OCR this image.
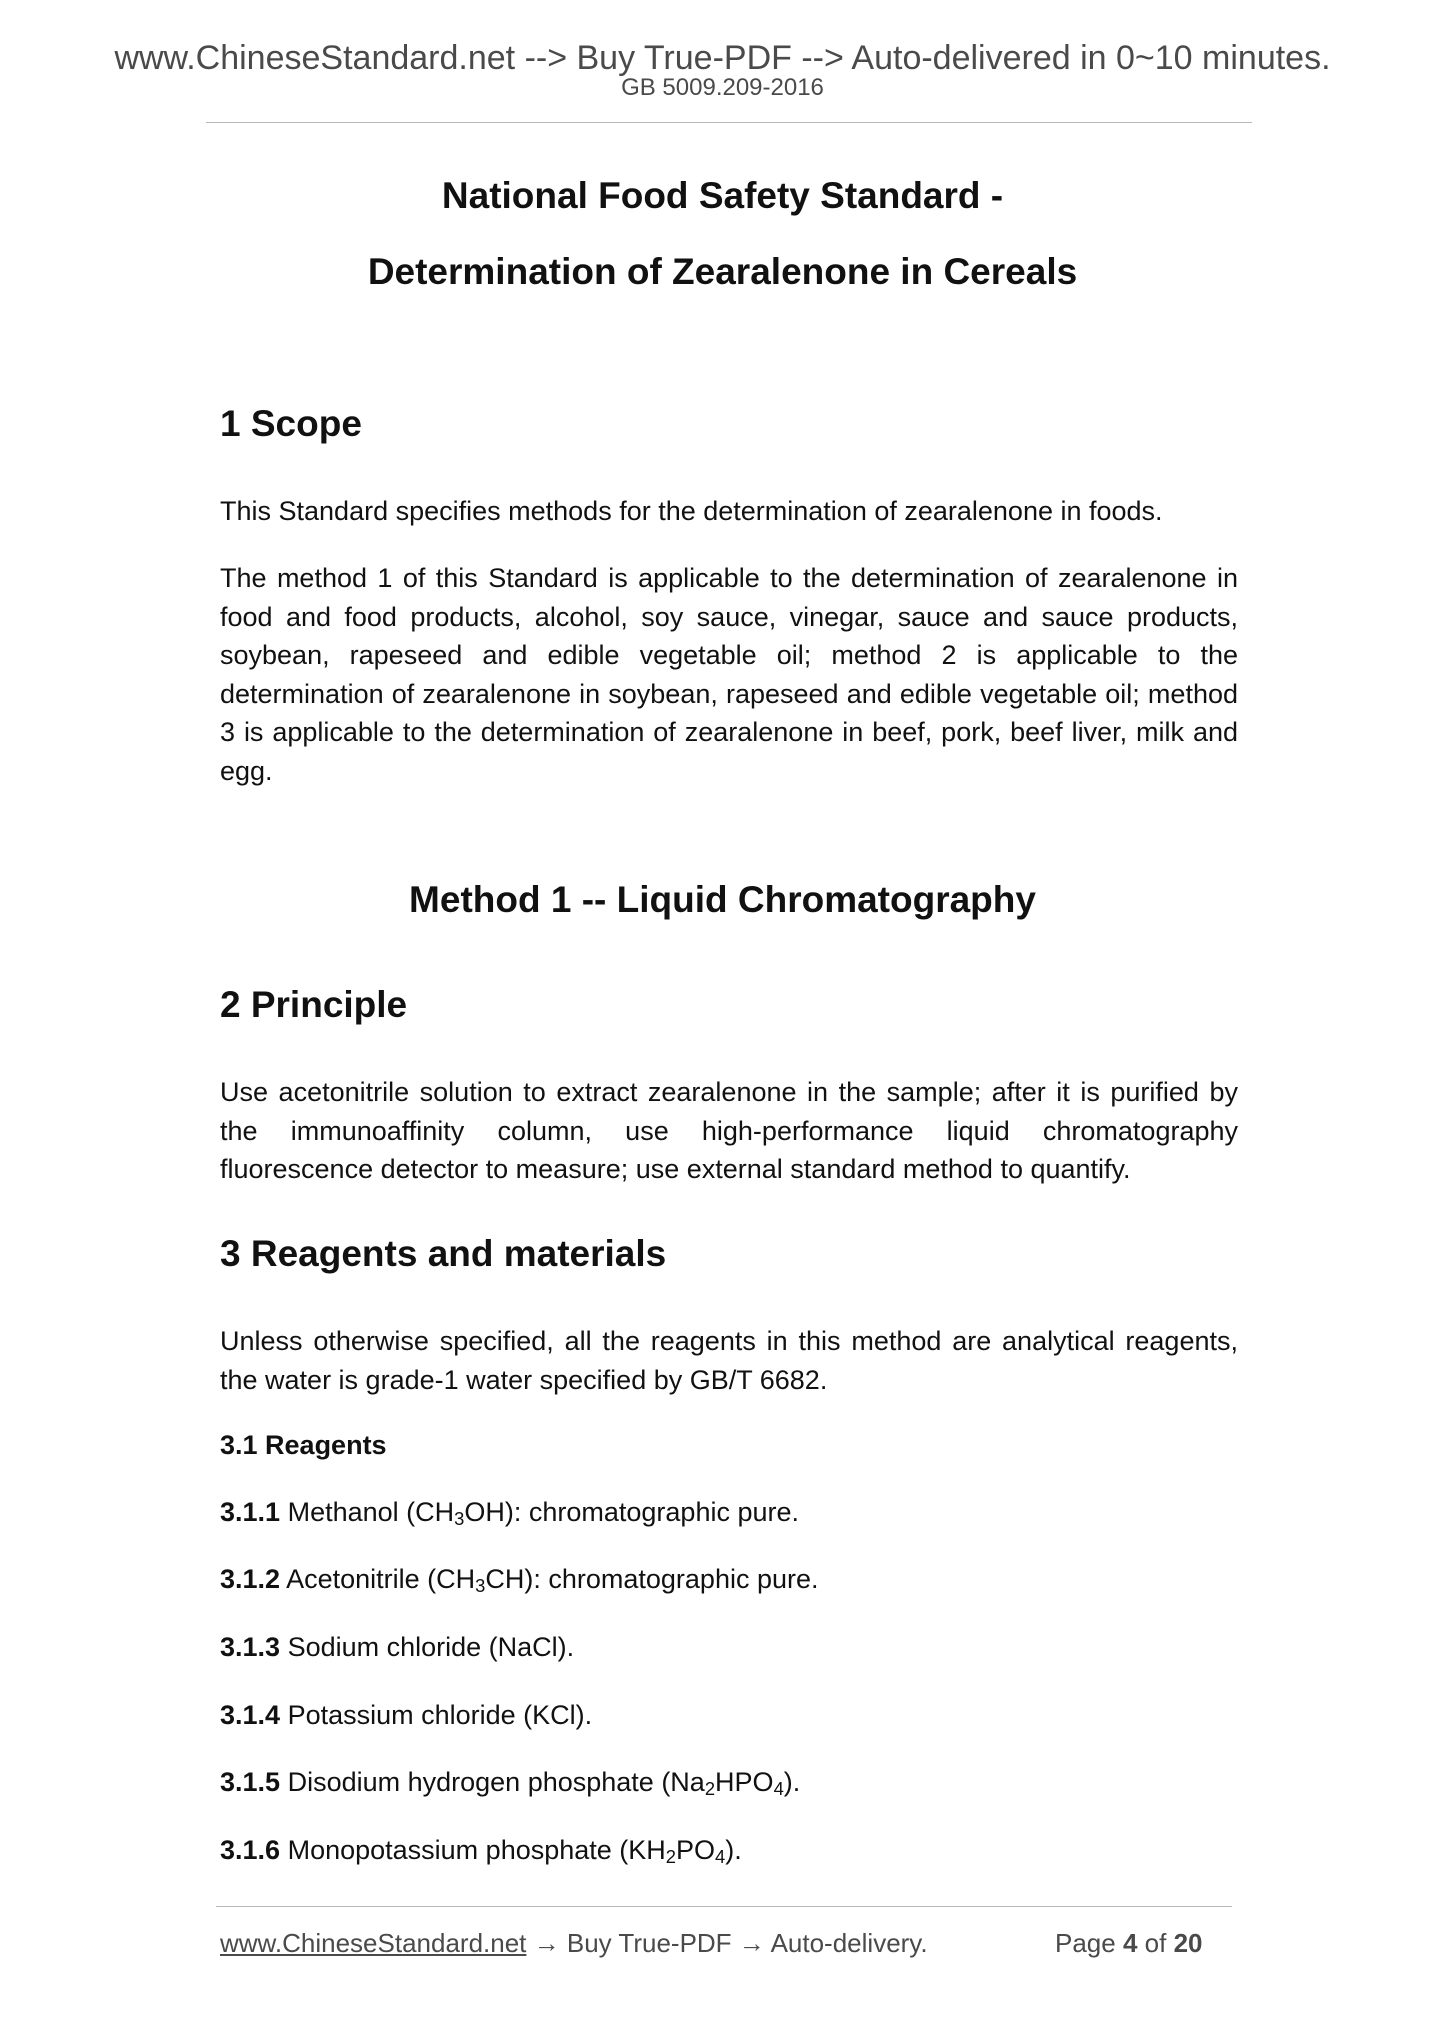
www.ChineseStandard.net --> Buy True-PDF --> Auto-delivered in 0~10 minutes.
GB 5009.209-2016
National Food Safety Standard -
Determination of Zearalenone in Cereals
1 Scope

This Standard specifies methods for the determination of zearalenone in foods.

The method 1 of this Standard is applicable to the determination of zearalenone in food and food products, alcohol, soy sauce, vinegar, sauce and sauce products, soybean, rapeseed and edible vegetable oil; method 2 is applicable to the determination of zearalenone in soybean, rapeseed and edible vegetable oil; method 3 is applicable to the determination of zearalenone in beef, pork, beef liver, milk and egg.

Method 1 -- Liquid Chromatography
2 Principle

Use acetonitrile solution to extract zearalenone in the sample; after it is purified by the immunoaffinity column, use high-performance liquid chromatography fluorescence detector to measure; use external standard method to quantify.

3 Reagents and materials

Unless otherwise specified, all the reagents in this method are analytical reagents, the water is grade-1 water specified by GB/T 6682.

3.1 Reagents
3.1.1 Methanol $(CH_3OH)$: chromatographic pure.
3.1.2 Acetonitrile $(CH_3CH)$: chromatographic pure.
3.1.3 Sodium chloride (NaCl).
3.1.4 Potassium chloride (KCl).
3.1.5 Disodium hydrogen phosphate $(Na_2HPO_4)$.
3.1.6 Monopotassium phosphate $(KH_2PO_4)$.
www.ChineseStandard.net → Buy True-PDF → Auto-delivery.	Page 4 of 20
